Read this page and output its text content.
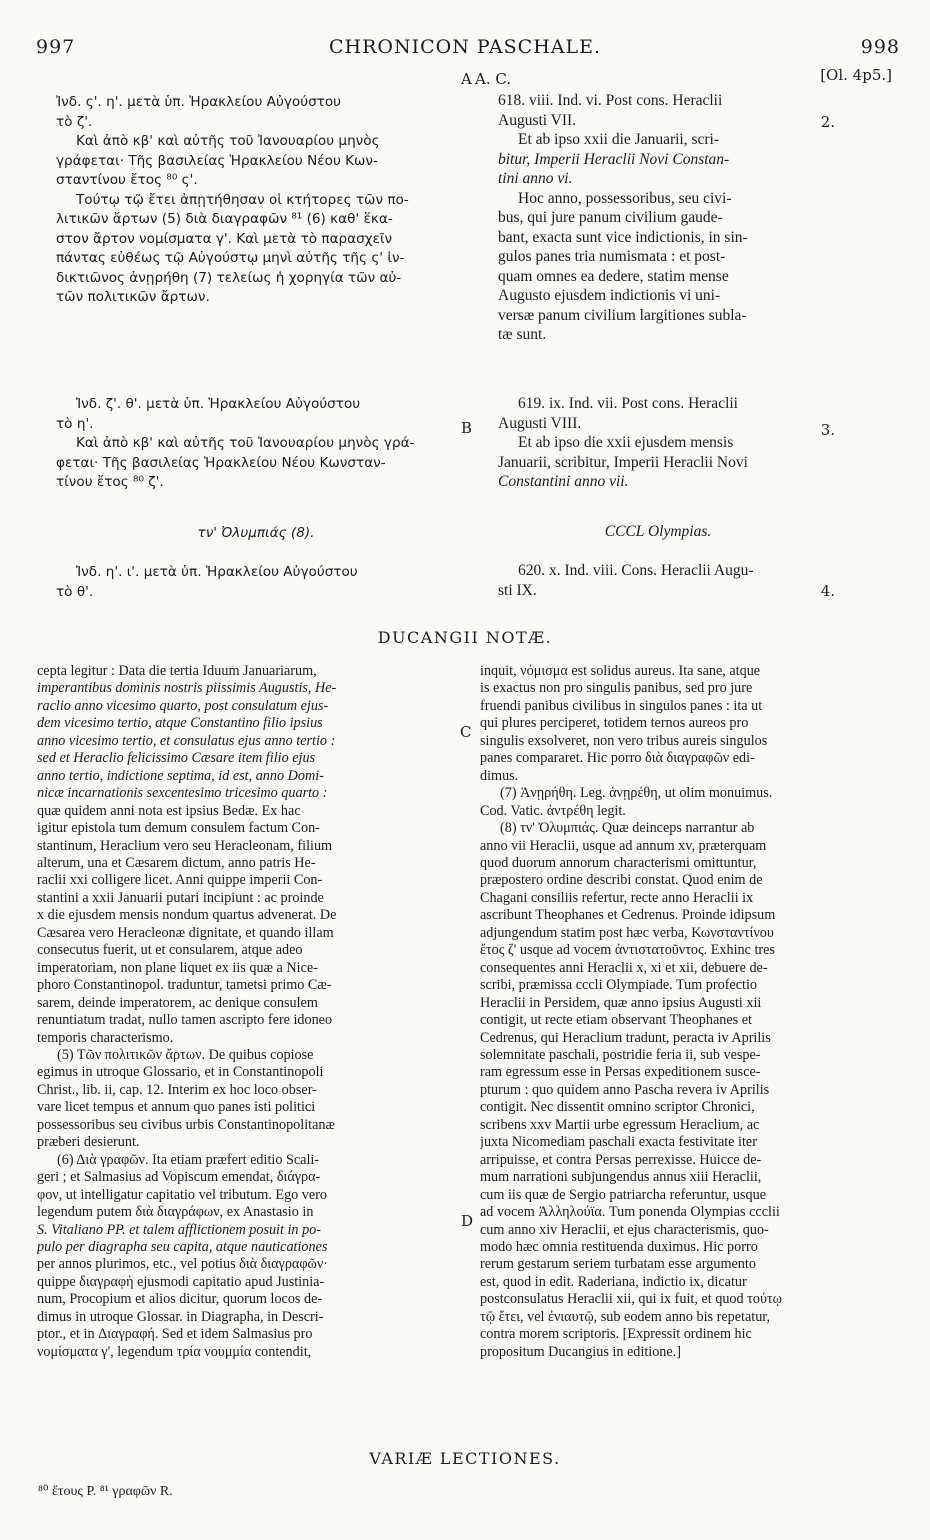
997	CHRONICON PASCHALE.	998
A A. C.	[Ol. 4p5.]
Ἰνδ. ς'. η'. μετὰ ὑπ. Ἡρακλείου Αὐγούστου
τὸ ζ'.
Καὶ ἀπὸ κβ' καὶ αὐτῆς τοῦ Ἰανουαρίου μηνὸς
γράφεται· Τῆς βασιλείας Ἡρακλείου Νέου Κων-
σταντίνου ἔτος ⁸⁰ ς'.
Τούτῳ τῷ ἔτει ἀπῃτήθησαν οἱ κτήτορες τῶν πο-
λιτικῶν ἄρτων (5) διὰ διαγραφῶν ⁸¹ (6) καθ' ἕκα-
στον ἄρτον νομίσματα γ'. Καὶ μετὰ τὸ παρασχεῖν
πάντας εὐθέως τῷ Αὐγούστῳ μηνὶ αὐτῆς τῆς ς' ἰν-
δικτιῶνος ἀνῃρήθη (7) τελείως ἡ χορηγία τῶν αὐ-
τῶν πολιτικῶν ἄρτων.
Ἰνδ. ζ'. θ'. μετὰ ὑπ. Ἡρακλείου Αὐγούστου
τὸ η'.
Καὶ ἀπὸ κβ' καὶ αὐτῆς τοῦ Ἰανουαρίου μηνὸς γρά-
φεται· Τῆς βασιλείας Ἡρακλείου Νέου Κωνσταν-
τίνου ἔτος ⁸⁰ ζ'.
τν' Ὀλυμπιάς (8).
Ἰνδ. η'. ι'. μετὰ ὑπ. Ἡρακλείου Αὐγούστου
τὸ θ'.
618. viii. Ind. vi. Post cons. Heraclii
Augusti VII.
Et ab ipso xxii die Januarii, scri-
bitur, Imperii Heraclii Novi Constan-
tini anno vi.
Hoc anno, possessoribus, seu civi-
bus, qui jure panum civilium gaude-
bant, exacta sunt vice indictionis, in sin-
gulos panes tria numismata : et post-
quam omnes ea dedere, statim mense
Augusto ejusdem indictionis vi uni-
versæ panum civilium largitiones subla-
tæ sunt.
619. ix. Ind. vii. Post cons. Heraclii
Augusti VIII.
Et ab ipso die xxii ejusdem mensis
Januarii, scribitur, Imperii Heraclii Novi
Constantini anno vii.
CCCL Olympias.
620. x. Ind. viii. Cons. Heraclii Augu-
sti IX.
B
C
D
2.
3.
4.
DUCANGII NOTÆ.
cepta legitur : Data die tertia Iduum Januariarum,
imperantibus dominis nostris piissimis Augustis, He-
raclio anno vicesimo quarto, post consulatum ejus-
dem vicesimo tertio, atque Constantino filio ipsius
anno vicesimo tertio, et consulatus ejus anno tertio :
sed et Heraclio felicissimo Cæsare item filio ejus
anno tertio, indictione septima, id est, anno Domi-
nicæ incarnationis sexcentesimo tricesimo quarto :
quæ quidem anni nota est ipsius Bedæ. Ex hac
igitur epistola tum demum consulem factum Con-
stantinum, Heraclium vero seu Heracleonam, filium
alterum, una et Cæsarem dictum, anno patris He-
raclii xxi colligere licet. Anni quippe imperii Con-
stantini a xxii Januarii putari incipiunt : ac proinde
x die ejusdem mensis nondum quartus advenerat. De
Cæsarea vero Heracleonæ dignitate, et quando illam
consecutus fuerit, ut et consularem, atque adeo
imperatoriam, non plane liquet ex iis quæ a Nice-
phoro Constantinopol. traduntur, tametsi primo Cæ-
sarem, deinde imperatorem, ac denique consulem
renuntiatum tradat, nullo tamen ascripto fere idoneo
temporis characterismo.
(5) Τῶν πολιτικῶν ἄρτων. De quibus copiose
egimus in utroque Glossario, et in Constantinopoli
Christ., lib. ii, cap. 12. Interim ex hoc loco obser-
vare licet tempus et annum quo panes isti politici
possessoribus seu civibus urbis Constantinopolitanæ
præberi desierunt.
(6) Διὰ γραφῶν. Ita etiam præfert editio Scali-
geri ; et Salmasius ad Vopiscum emendat, διάγρα-
φον, ut intelligatur capitatio vel tributum. Ego vero
legendum putem διὰ διαγράφων, ex Anastasio in
S. Vitaliano PP. et talem afflictionem posuit in po-
pulo per diagrapha seu capita, atque nauticationes
per annos plurimos, etc., vel potius διὰ διαγραφῶν·
quippe διαγραφὴ ejusmodi capitatio apud Justinia-
num, Procopium et alios dicitur, quorum locos de-
dimus in utroque Glossar. in Diagrapha, in Descri-
ptor., et in Διαγραφή. Sed et idem Salmasius pro
νομίσματα γ', legendum τρία νουμμία contendit,
inquit, νόμισμα est solidus aureus. Ita sane, atque
is exactus non pro singulis panibus, sed pro jure
fruendi panibus civilibus in singulos panes : ita ut
qui plures perciperet, totidem ternos aureos pro
singulis exsolveret, non vero tribus aureis singulos
panes compararet. Hic porro διὰ διαγραφῶν edi-
dimus.
(7) Ἀνῃρήθη. Leg. ἀνῃρέθη, ut olim monuimus.
Cod. Vatic. ἀντρέθη legit.
(8) τν' Ὀλυμπιάς. Quæ deinceps narrantur ab
anno vii Heraclii, usque ad annum xv, præterquam
quod duorum annorum characterismi omittuntur,
præpostero ordine describi constat. Quod enim de
Chagani consiliis refertur, recte anno Heraclii ix
ascribunt Theophanes et Cedrenus. Proinde idipsum
adjungendum statim post hæc verba, Κωνσταντίνου
ἔτος ζ' usque ad vocem ἀντιστατοῦντος. Exhinc tres
consequentes anni Heraclii x, xi et xii, debuere de-
scribi, præmissa cccli Olympiade. Tum profectio
Heraclii in Persidem, quæ anno ipsius Augusti xii
contigit, ut recte etiam observant Theophanes et
Cedrenus, qui Heraclium tradunt, peracta iv Aprilis
solemnitate paschali, postridie feria ii, sub vespe-
ram egressum esse in Persas expeditionem susce-
pturum : quo quidem anno Pascha revera iv Aprilis
contigit. Nec dissentit omnino scriptor Chronici,
scribens xxv Martii urbe egressum Heraclium, ac
juxta Nicomediam paschali exacta festivitate iter
arripuisse, et contra Persas perrexisse. Huicce de-
mum narrationi subjungendus annus xiii Heraclii,
cum iis quæ de Sergio patriarcha referuntur, usque
ad vocem Ἀλληλούϊα. Tum ponenda Olympias ccclii
cum anno xiv Heraclii, et ejus characterismis, quo-
modo hæc omnia restituenda duximus. Hic porro
rerum gestarum seriem turbatam esse argumento
est, quod in edit. Raderiana, indictio ix, dicatur
postconsulatus Heraclii xii, qui ix fuit, et quod τούτῳ
τῷ ἔτει, vel ἐνιαυτῷ, sub eodem anno bis repetatur,
contra morem scriptoris. [Expressit ordinem hic
propositum Ducangius in editione.]
VARIÆ LECTIONES.
⁸⁰ ἔτους P. ⁸¹ γραφῶν R.
